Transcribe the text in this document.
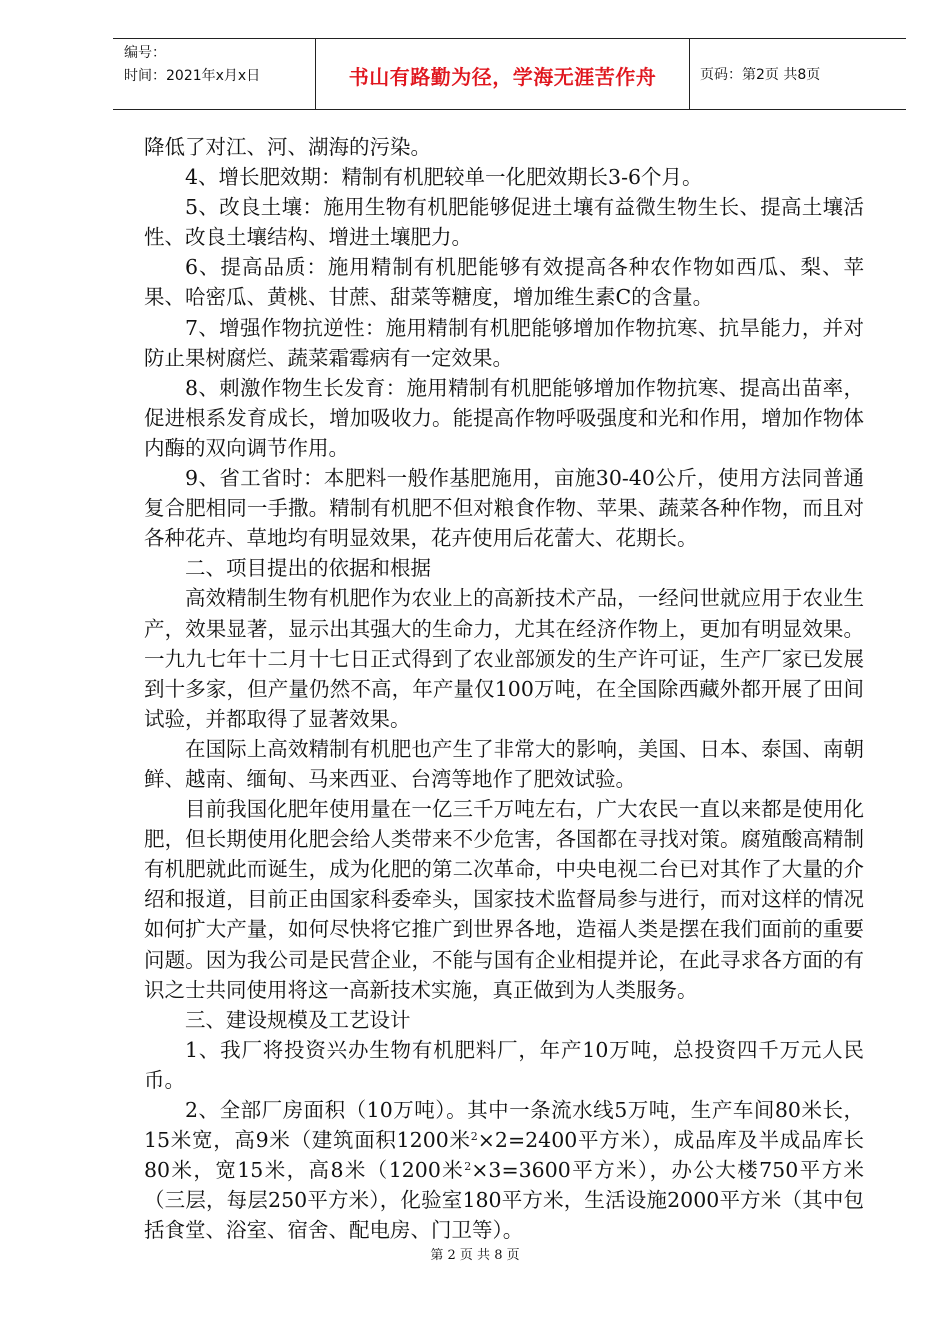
编号：
时间：2021年x月x日	书山有路勤为径，学海无涯苦作舟	页码：第2页 共8页

降低了对江、河、湖海的污染。

4、增长肥效期：精制有机肥较单一化肥效期长3-6个月。

5、改良土壤：施用生物有机肥能够促进土壤有益微生物生长、提高土壤活性、改良土壤结构、增进土壤肥力。

6、提高品质：施用精制有机肥能够有效提高各种农作物如西瓜、梨、苹果、哈密瓜、黄桃、甘蔗、甜菜等糖度，增加维生素C的含量。

7、增强作物抗逆性：施用精制有机肥能够增加作物抗寒、抗旱能力，并对防止果树腐烂、蔬菜霜霉病有一定效果。

8、刺激作物生长发育：施用精制有机肥能够增加作物抗寒、提高出苗率，促进根系发育成长，增加吸收力。能提高作物呼吸强度和光和作用，增加作物体内酶的双向调节作用。

9、省工省时：本肥料一般作基肥施用，亩施30-40公斤，使用方法同普通复合肥相同一手撒。精制有机肥不但对粮食作物、苹果、蔬菜各种作物，而且对各种花卉、草地均有明显效果，花卉使用后花蕾大、花期长。

二、项目提出的依据和根据

高效精制生物有机肥作为农业上的高新技术产品，一经问世就应用于农业生产，效果显著，显示出其强大的生命力，尤其在经济作物上，更加有明显效果。一九九七年十二月十七日正式得到了农业部颁发的生产许可证，生产厂家已发展到十多家，但产量仍然不高，年产量仅100万吨，在全国除西藏外都开展了田间试验，并都取得了显著效果。

在国际上高效精制有机肥也产生了非常大的影响，美国、日本、泰国、南朝鲜、越南、缅甸、马来西亚、台湾等地作了肥效试验。

目前我国化肥年使用量在一亿三千万吨左右，广大农民一直以来都是使用化肥，但长期使用化肥会给人类带来不少危害，各国都在寻找对策。腐殖酸高精制有机肥就此而诞生，成为化肥的第二次革命，中央电视二台已对其作了大量的介绍和报道，目前正由国家科委牵头，国家技术监督局参与进行，而对这样的情况如何扩大产量，如何尽快将它推广到世界各地，造福人类是摆在我们面前的重要问题。因为我公司是民营企业，不能与国有企业相提并论，在此寻求各方面的有识之士共同使用将这一高新技术实施，真正做到为人类服务。

三、建设规模及工艺设计

1、我厂将投资兴办生物有机肥料厂，年产10万吨，总投资四千万元人民币。

2、全部厂房面积（10万吨）。其中一条流水线5万吨，生产车间80米长，15米宽，高9米（建筑面积1200米$^2$×2=2400平方米），成品库及半成品库长80米，宽15米，高8米（1200米$^2$×3=3600平方米），办公大楼750平方米（三层，每层250平方米），化验室180平方米，生活设施2000平方米（其中包括食堂、浴室、宿舍、配电房、门卫等）。

第 2 页 共 8 页
